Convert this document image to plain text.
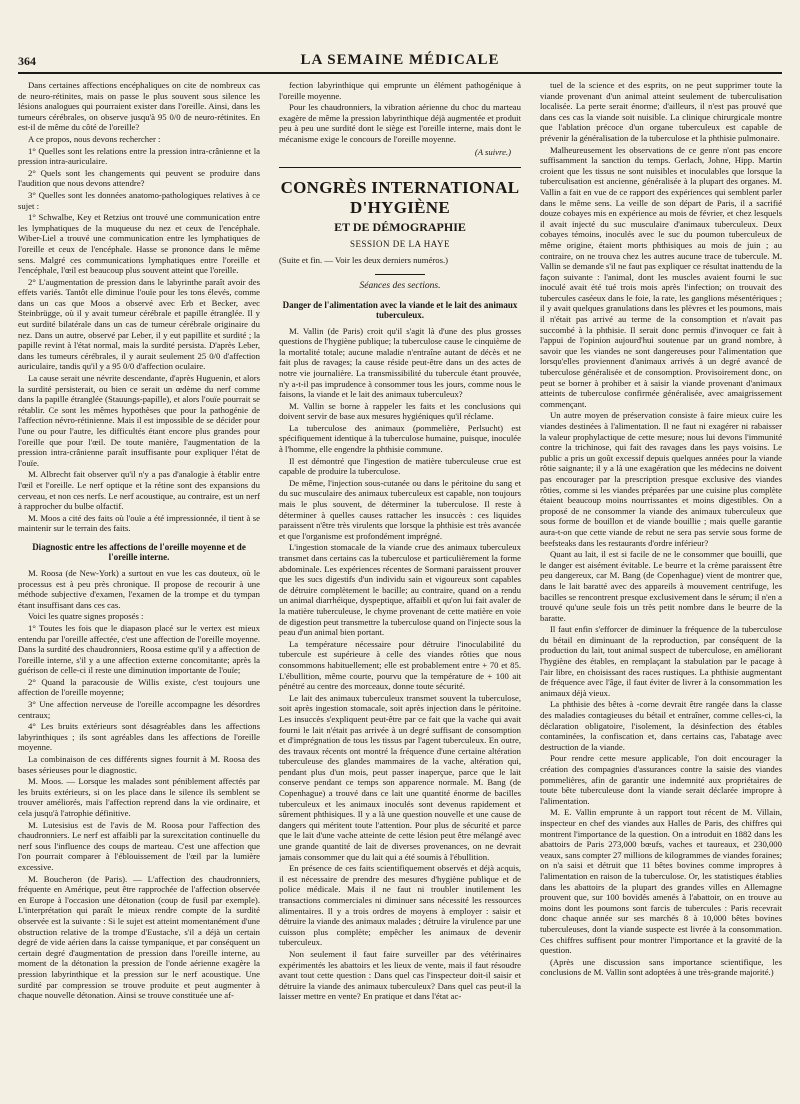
364	LA SEMAINE MÉDICALE

Dans certaines affections encéphaliques on cite de nombreux cas de neuro-rétinites, mais on passe le plus souvent sous silence les lésions analogues qui pourraient exister dans l'oreille. Ainsi, dans les tumeurs cérébrales, on observe jusqu'à 95 0/0 de neuro-rétinites. En est-il de même du côté de l'oreille?

A ce propos, nous devons rechercher :

1° Quelles sont les relations entre la pression intra-crânienne et la pression intra-auriculaire.

2° Quels sont les changements qui peuvent se produire dans l'audition que nous devons attendre?

3° Quelles sont les données anatomo-pathologiques relatives à ce sujet :

1° Schwalbe, Key et Retzius ont trouvé une communication entre les lymphatiques de la muqueuse du nez et ceux de l'encéphale. Wiber-Liel a trouvé une communication entre les lymphatiques de l'oreille et ceux de l'encéphale. Hasse se prononce dans le même sens. Malgré ces communications lymphatiques entre l'oreille et l'encéphale, l'œil est beaucoup plus souvent atteint que l'oreille.

2° L'augmentation de pression dans le labyrinthe paraît avoir des effets variés. Tantôt elle diminue l'ouïe pour les tons élevés, comme dans un cas que Moos a observé avec Erb et Becker, avec Steinbrügge, où il y avait tumeur cérébrale et papille étranglée. Il y eut surdité bilatérale dans un cas de tumeur cérébrale originaire du nez. Dans un autre, observé par Leber, il y eut papillite et surdité ; la papille revint à l'état normal, mais la surdité persista. D'après Leber, dans les tumeurs cérébrales, il y aurait seulement 25 0/0 d'affection auriculaire, tandis qu'il y a 95 0/0 d'affection oculaire.

La cause serait une névrite descendante, d'après Huguenin, et alors la surdité persisterait, ou bien ce serait un œdème du nerf comme dans la papille étranglée (Stauungs-papille), et alors l'ouïe pourrait se rétablir. Ce sont les mêmes hypothèses que pour la pathogénie de l'affection névro-rétinienne. Mais il est impossible de se décider pour l'une ou pour l'autre, les difficultés étant encore plus grandes pour l'oreille que pour l'œil. De toute manière, l'augmentation de la pression intra-crânienne paraît insuffisante pour expliquer l'état de l'ouïe.

M. Albrecht fait observer qu'il n'y a pas d'analogie à établir entre l'œil et l'oreille. Le nerf optique et la rétine sont des expansions du cerveau, et non ces nerfs. Le nerf acoustique, au contraire, est un nerf à rapprocher du bulbe olfactif.

M. Moos a cité des faits où l'ouïe a été impressionnée, il tient à se maintenir sur le terrain des faits.

Diagnostic entre les affections de l'oreille moyenne et de l'oreille interne.

M. Roosa (de New-York) a surtout en vue les cas douteux, où le processus est à peu près chronique. Il propose de recourir à une méthode subjective d'examen, l'examen de la trompe et du tympan étant insuffisant dans ces cas.

Voici les quatre signes proposés :

1° Toutes les fois que le diapason placé sur le vertex est mieux entendu par l'oreille affectée, c'est une affection de l'oreille moyenne. Dans la surdité des chaudronniers, Roosa estime qu'il y a affection de l'oreille interne, s'il y a une affection externe concomitante; après la guérison de celle-ci il reste une diminution importante de l'ouïe;

2° Quand la paracousie de Willis existe, c'est toujours une affection de l'oreille moyenne;

3° Une affection nerveuse de l'oreille accompagne les désordres centraux;

4° Les bruits extérieurs sont désagréables dans les affections labyrinthiques ; ils sont agréables dans les affections de l'oreille moyenne.

La combinaison de ces différents signes fournit à M. Roosa des bases sérieuses pour le diagnostic.

M. Moos. — Lorsque les malades sont péniblement affectés par les bruits extérieurs, si on les place dans le silence ils semblent se trouver améliorés, mais l'affection reprend dans la vie ordinaire, et cela jusqu'à l'atrophie définitive.

M. Lutesisius est de l'avis de M. Roosa pour l'affection des chaudronniers. Le nerf est affaibli par la surexcitation continuelle du nerf sous l'influence des coups de marteau. C'est une affection que l'on pourrait comparer à l'éblouissement de l'œil par la lumière excessive.

M. Boucheron (de Paris). — L'affection des chaudronniers, fréquente en Amérique, peut être rapprochée de l'affection observée en Europe à l'occasion une détonation (coup de fusil par exemple). L'interprétation qui paraît le mieux rendre compte de la surdité observée est la suivante : Si le sujet est atteint momentanément d'une obstruction relative de la trompe d'Eustache, s'il a déjà un certain degré de vide aérien dans la caisse tympanique, et par conséquent un certain degré d'augmentation de pression dans l'oreille interne, au moment de la détonation la pression de l'onde aérienne exagère la pression labyrinthique et la pression sur le nerf acoustique. Une surdité par compression se trouve produite et peut augmenter à chaque nouvelle détonation. Ainsi se trouve constituée une af-

fection labyrinthique qui emprunte un élément pathogénique à l'oreille moyenne.

Pour les chaudronniers, la vibration aérienne du choc du marteau exagère de même la pression labyrinthique déjà augmentée et produit peu à peu une surdité dont le siège est l'oreille interne, mais dont le mécanisme exige le concours de l'oreille moyenne.

(A suivre.)
CONGRÈS INTERNATIONAL D'HYGIÈNE
ET DE DÉMOGRAPHIE
SESSION DE LA HAYE
(Suite et fin. — Voir les deux derniers numéros.)
Séances des sections.
Danger de l'alimentation avec la viande et le lait des animaux tuberculeux.

M. Vallin (de Paris) croit qu'il s'agit là d'une des plus grosses questions de l'hygiène publique; la tuberculose cause le cinquième de la mortalité totale; aucune maladie n'entraîne autant de décès et ne fait plus de ravages; la cause réside peut-être dans un des actes de notre vie journalière. La transmissibilité du tubercule étant prouvée, n'y a-t-il pas imprudence à consommer tous les jours, comme nous le faisons, la viande et le lait des animaux tuberculeux?

M. Vallin se borne à rappeler les faits et les conclusions qui doivent servir de base aux mesures hygiéniques qu'il réclame.

La tuberculose des animaux (pommelière, Perlsucht) est spécifiquement identique à la tuberculose humaine, puisque, inoculée à l'homme, elle engendre la phthisie commune.

Il est démontré que l'ingestion de matière tuberculeuse crue est capable de produire la tuberculose.

De même, l'injection sous-cutanée ou dans le péritoine du sang et du suc musculaire des animaux tuberculeux est capable, non toujours mais le plus souvent, de déterminer la tuberculose. Il reste à déterminer à quelles causes rattacher les insuccès : ces liquides paraissent n'être très virulents que lorsque la phthisie est très avancée et que l'organisme est profondément imprégné.

L'ingestion stomacale de la viande crue des animaux tuberculeux transmet dans certains cas la tuberculose et particulièrement la forme abdominale. Les expériences récentes de Sormani paraissent prouver que les sucs digestifs d'un individu sain et vigoureux sont capables de détruire complètement le bacille; au contraire, quand on a rendu un animal diarrhéique, dyspeptique, affaibli et qu'on lui fait avaler de la matière tuberculeuse, le chyme provenant de cette matière en voie de digestion peut transmettre la tuberculose quand on l'injecte sous la peau d'un animal bien portant.

La température nécessaire pour détruire l'inoculabilité du tubercule est supérieure à celle des viandes rôties que nous consommons habituellement; elle est probablement entre + 70 et 85. L'ébullition, même courte, pourvu que la température de + 100 ait pénétré au centre des morceaux, donne toute sécurité.

Le lait des animaux tuberculeux transmet souvent la tuberculose, soit après ingestion stomacale, soit après injection dans le péritoine. Les insuccès s'expliquent peut-être par ce fait que la vache qui avait fourni le lait n'était pas arrivée à un degré suffisant de consomption et d'imprégnation de tous les tissus par l'agent tuberculeux. En outre, des travaux récents ont montré la fréquence d'une certaine altération tuberculeuse des glandes mammaires de la vache, altération qui, pendant plus d'un mois, peut passer inaperçue, parce que le lait conserve pendant ce temps son apparence normale. M. Bang (de Copenhague) a trouvé dans ce lait une quantité énorme de bacilles tuberculeux et les animaux inoculés sont devenus rapidement et sûrement phthisiques. Il y a là une question nouvelle et une cause de dangers qui méritent toute l'attention. Pour plus de sécurité et parce que le lait d'une vache atteinte de cette lésion peut être mélangé avec une grande quantité de lait de diverses provenances, on ne devrait jamais consommer que du lait qui a été soumis à l'ébullition.

En présence de ces faits scientifiquement observés et déjà acquis, il est nécessaire de prendre des mesures d'hygiène publique et de police médicale. Mais il ne faut ni troubler inutilement les transactions commerciales ni diminuer sans nécessité les ressources alimentaires. Il y a trois ordres de moyens à employer : saisir et détruire la viande des animaux malades ; détruire la virulence par une cuisson plus complète; empêcher les animaux de devenir tuberculeux.

Non seulement il faut faire surveiller par des vétérinaires expérimentés les abattoirs et les lieux de vente, mais il faut résoudre avant tout cette question : Dans quel cas l'inspecteur doit-il saisir et détruire la viande des animaux tuberculeux? Dans quel cas peut-il la laisser mettre en vente? En pratique et dans l'état ac-

tuel de la science et des esprits, on ne peut supprimer toute la viande provenant d'un animal atteint seulement de tuberculisation localisée. La perte serait énorme; d'ailleurs, il n'est pas prouvé que dans ces cas la viande soit nuisible. La clinique chirurgicale montre que l'ablation précoce d'un organe tuberculeux est capable de prévenir la généralisation de la tuberculose et la phthisie pulmonaire.

Malheureusement les observations de ce genre n'ont pas encore suffisamment la sanction du temps. Gerlach, Johne, Hipp. Martin croient que les tissus ne sont nuisibles et inoculables que lorsque la tuberculisation est ancienne, généralisée à la plupart des organes. M. Vallin a fait en vue de ce rapport des expériences qui semblent parler dans le même sens. La veille de son départ de Paris, il a sacrifié douze cobayes mis en expérience au mois de février, et chez lesquels il avait injecté du suc musculaire d'animaux tuberculeux. Deux cobayes témoins, inoculés avec le suc du poumon tuberculeux de même origine, étaient morts phthisiques au mois de juin ; au contraire, on ne trouva chez les autres aucune trace de tubercule. M. Vallin se demande s'il ne faut pas expliquer ce résultat inattendu de la façon suivante : l'animal, dont les muscles avaient fourni le suc inoculé avait été tué trois mois après l'infection; on trouvait des tubercules caséeux dans le foie, la rate, les ganglions mésentériques ; il y avait quelques granulations dans les plèvres et les poumons, mais il n'était pas arrivé au terme de la consomption et n'avait pas succombé à la phthisie. Il serait donc permis d'invoquer ce fait à l'appui de l'opinion aujourd'hui soutenue par un grand nombre, à savoir que les viandes ne sont dangereuses pour l'alimentation que lorsqu'elles proviennent d'animaux arrivés à un degré avancé de tuberculose généralisée et de consomption. Provisoirement donc, on peut se borner à prohiber et à saisir la viande provenant d'animaux atteints de tuberculose confirmée généralisée, avec amaigrissement commençant.

Un autre moyen de préservation consiste à faire mieux cuire les viandes destinées à l'alimentation. Il ne faut ni exagérer ni rabaisser la valeur prophylactique de cette mesure; nous lui devons l'immunité contre la trichinose, qui fait des ravages dans les pays voisins. Le public a pris un goût excessif depuis quelques années pour la viande rôtie saignante; il y a là une exagération que les médecins ne doivent pas encourager par la prescription presque exclusive des viandes rôties, comme si les viandes préparées par une cuisine plus complète étaient beaucoup moins nourrissantes et moins digestibles. On a proposé de ne consommer la viande des animaux tuberculeux que sous forme de bouillon et de viande bouillie ; mais quelle garantie aura-t-on que cette viande de rebut ne sera pas servie sous forme de beefsteaks dans les restaurants d'ordre inférieur?

Quant au lait, il est si facile de ne le consommer que bouilli, que le danger est aisément évitable. Le beurre et la crème paraissent être peu dangereux, car M. Bang (de Copenhague) vient de montrer que, dans le lait baratté avec des appareils à mouvement centrifuge, les bacilles se rencontrent presque exclusivement dans le sérum; il n'en a trouvé qu'une seule fois un très petit nombre dans le beurre de la baratte.

Il faut enfin s'efforcer de diminuer la fréquence de la tuberculose du bétail en diminuant de la reproduction, par conséquent de la production du lait, tout animal suspect de tuberculose, en améliorant l'hygiène des étables, en remplaçant la stabulation par le pacage à l'air libre, en choisissant des races rustiques. La phthisie augmentant de fréquence avec l'âge, il faut éviter de livrer à la consommation les animaux déjà vieux.

La phthisie des bêtes à -corne devrait être rangée dans la classe des maladies contagieuses du bétail et entraîner, comme celles-ci, la déclaration obligatoire, l'isolement, la désinfection des étables contaminées, la confiscation et, dans certains cas, l'abatage avec destruction de la viande.

Pour rendre cette mesure applicable, l'on doit encourager la création des compagnies d'assurances contre la saisie des viandes pommelières, afin de garantir une indemnité aux propriétaires de toute bête tuberculeuse dont la viande serait déclarée impropre à l'alimentation.

M. E. Vallin emprunte à un rapport tout récent de M. Villain, inspecteur en chef des viandes aux Halles de Paris, des chiffres qui montrent l'importance de la question. On a introduit en 1882 dans les abattoirs de Paris 273,000 bœufs, vaches et taureaux, et 230,000 veaux, sans compter 27 millions de kilogrammes de viandes foraines; on n'a saisi et détruit que 11 bêtes bovines comme impropres à l'alimentation en raison de la tuberculose. Or, les statistiques établies dans les abattoirs de la plupart des grandes villes en Allemagne prouvent que, sur 100 bovidés amenés à l'abattoir, on en trouve au moins dont les poumons sont farcis de tubercules : Paris recevrait donc chaque année sur ses marchés 8 à 10,000 bêtes bovines tuberculeuses, dont la viande suspecte est livrée à la consommation. Ces chiffres suffisent pour montrer l'importance et la gravité de la question.

(Après une discussion sans importance scientifique, les conclusions de M. Vallin sont adoptées à une très-grande majorité.)
